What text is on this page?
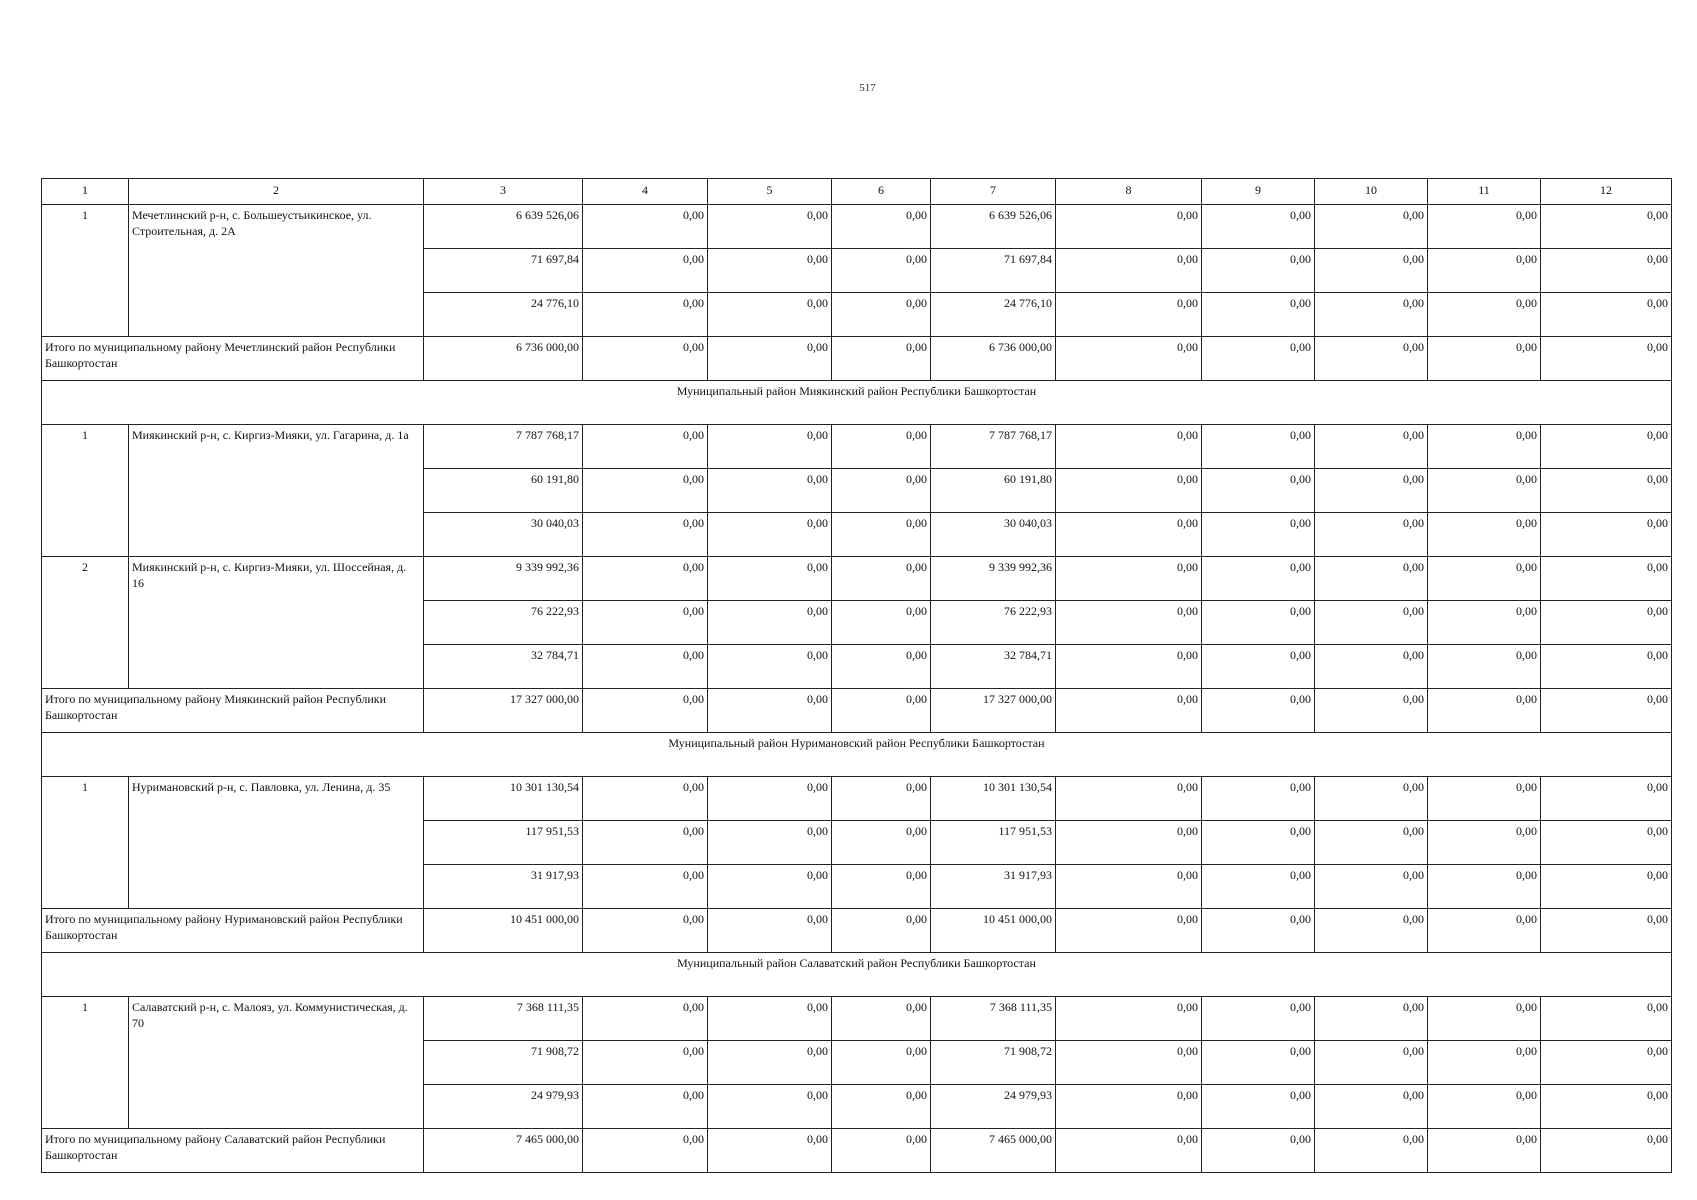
517
1	2	3	4	5	6	7	8	9	10	11	12
1	Мечетлинский р-н, с. Большеустьикинское, ул. Строительная, д. 2А	6 639 526,06	0,00	0,00	0,00	6 639 526,06	0,00	0,00	0,00	0,00	0,00
		71 697,84	0,00	0,00	0,00	71 697,84	0,00	0,00	0,00	0,00	0,00
		24 776,10	0,00	0,00	0,00	24 776,10	0,00	0,00	0,00	0,00	0,00
Итого по муниципальному району Мечетлинский район Республики Башкортостан		6 736 000,00	0,00	0,00	0,00	6 736 000,00	0,00	0,00	0,00	0,00	0,00
Муниципальный район Миякинский район Республики Башкортостан											
1	Миякинский р-н, с. Киргиз-Мияки, ул. Гагарина, д. 1а	7 787 768,17	0,00	0,00	0,00	7 787 768,17	0,00	0,00	0,00	0,00	0,00
		60 191,80	0,00	0,00	0,00	60 191,80	0,00	0,00	0,00	0,00	0,00
		30 040,03	0,00	0,00	0,00	30 040,03	0,00	0,00	0,00	0,00	0,00
2	Миякинский р-н, с. Киргиз-Мияки, ул. Шоссейная, д. 16	9 339 992,36	0,00	0,00	0,00	9 339 992,36	0,00	0,00	0,00	0,00	0,00
		76 222,93	0,00	0,00	0,00	76 222,93	0,00	0,00	0,00	0,00	0,00
		32 784,71	0,00	0,00	0,00	32 784,71	0,00	0,00	0,00	0,00	0,00
Итого по муниципальному району Миякинский район Республики Башкортостан		17 327 000,00	0,00	0,00	0,00	17 327 000,00	0,00	0,00	0,00	0,00	0,00
Муниципальный район Нуримановский район Республики Башкортостан											
1	Нуримановский р-н, с. Павловка, ул. Ленина, д. 35	10 301 130,54	0,00	0,00	0,00	10 301 130,54	0,00	0,00	0,00	0,00	0,00
		117 951,53	0,00	0,00	0,00	117 951,53	0,00	0,00	0,00	0,00	0,00
		31 917,93	0,00	0,00	0,00	31 917,93	0,00	0,00	0,00	0,00	0,00
Итого по муниципальному району Нуримановский район Республики Башкортостан		10 451 000,00	0,00	0,00	0,00	10 451 000,00	0,00	0,00	0,00	0,00	0,00
Муниципальный район Салаватский район Республики Башкортостан											
1	Салаватский р-н, с. Малояз, ул. Коммунистическая, д. 70	7 368 111,35	0,00	0,00	0,00	7 368 111,35	0,00	0,00	0,00	0,00	0,00
		71 908,72	0,00	0,00	0,00	71 908,72	0,00	0,00	0,00	0,00	0,00
		24 979,93	0,00	0,00	0,00	24 979,93	0,00	0,00	0,00	0,00	0,00
Итого по муниципальному району Салаватский район Республики Башкортостан		7 465 000,00	0,00	0,00	0,00	7 465 000,00	0,00	0,00	0,00	0,00	0,00
